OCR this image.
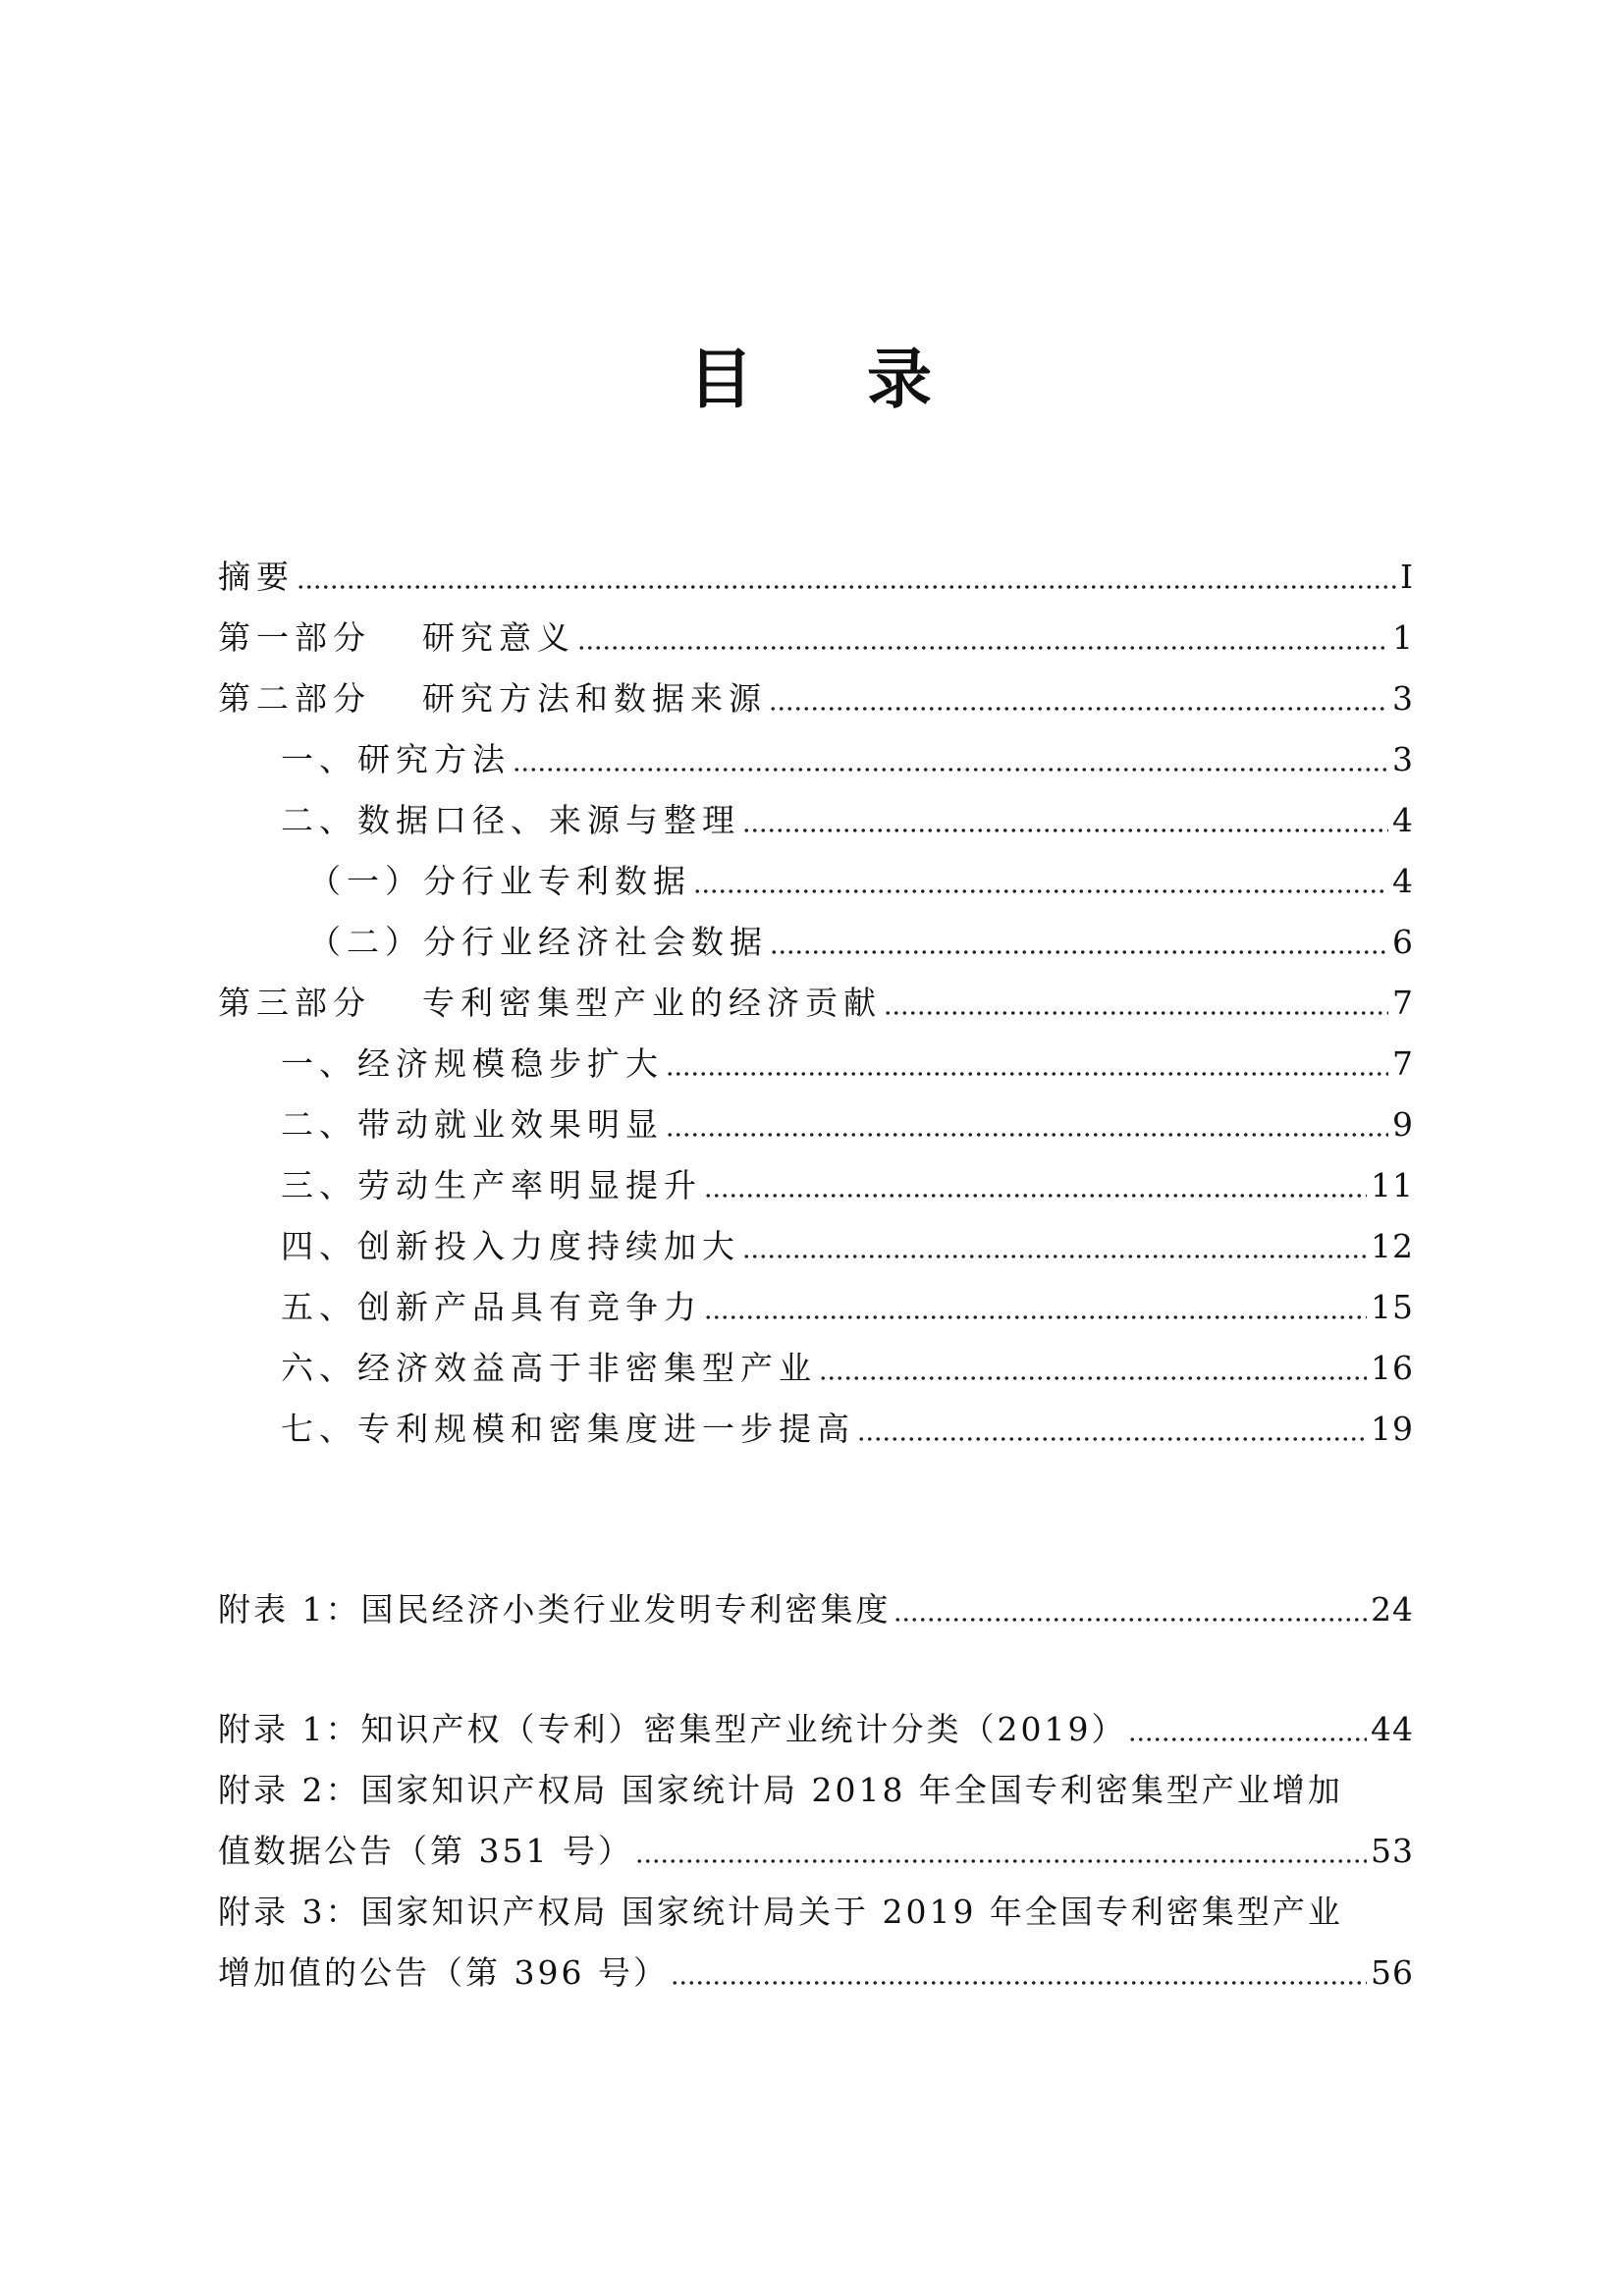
目 录
摘要	I
第一部分 研究意义	1
第二部分 研究方法和数据来源	3
一、研究方法	3
二、数据口径、来源与整理	4
（一）分行业专利数据	4
（二）分行业经济社会数据	6
第三部分 专利密集型产业的经济贡献	7
一、经济规模稳步扩大	7
二、带动就业效果明显	9
三、劳动生产率明显提升	11
四、创新投入力度持续加大	12
五、创新产品具有竞争力	15
六、经济效益高于非密集型产业	16
七、专利规模和密集度进一步提高	19
附表 1：国民经济小类行业发明专利密集度	24
附录 1：知识产权（专利）密集型产业统计分类（2019）	44
附录 2：国家知识产权局 国家统计局 2018 年全国专利密集型产业增加
值数据公告（第 351 号）	53
附录 3：国家知识产权局 国家统计局关于 2019 年全国专利密集型产业
增加值的公告（第 396 号）	56
